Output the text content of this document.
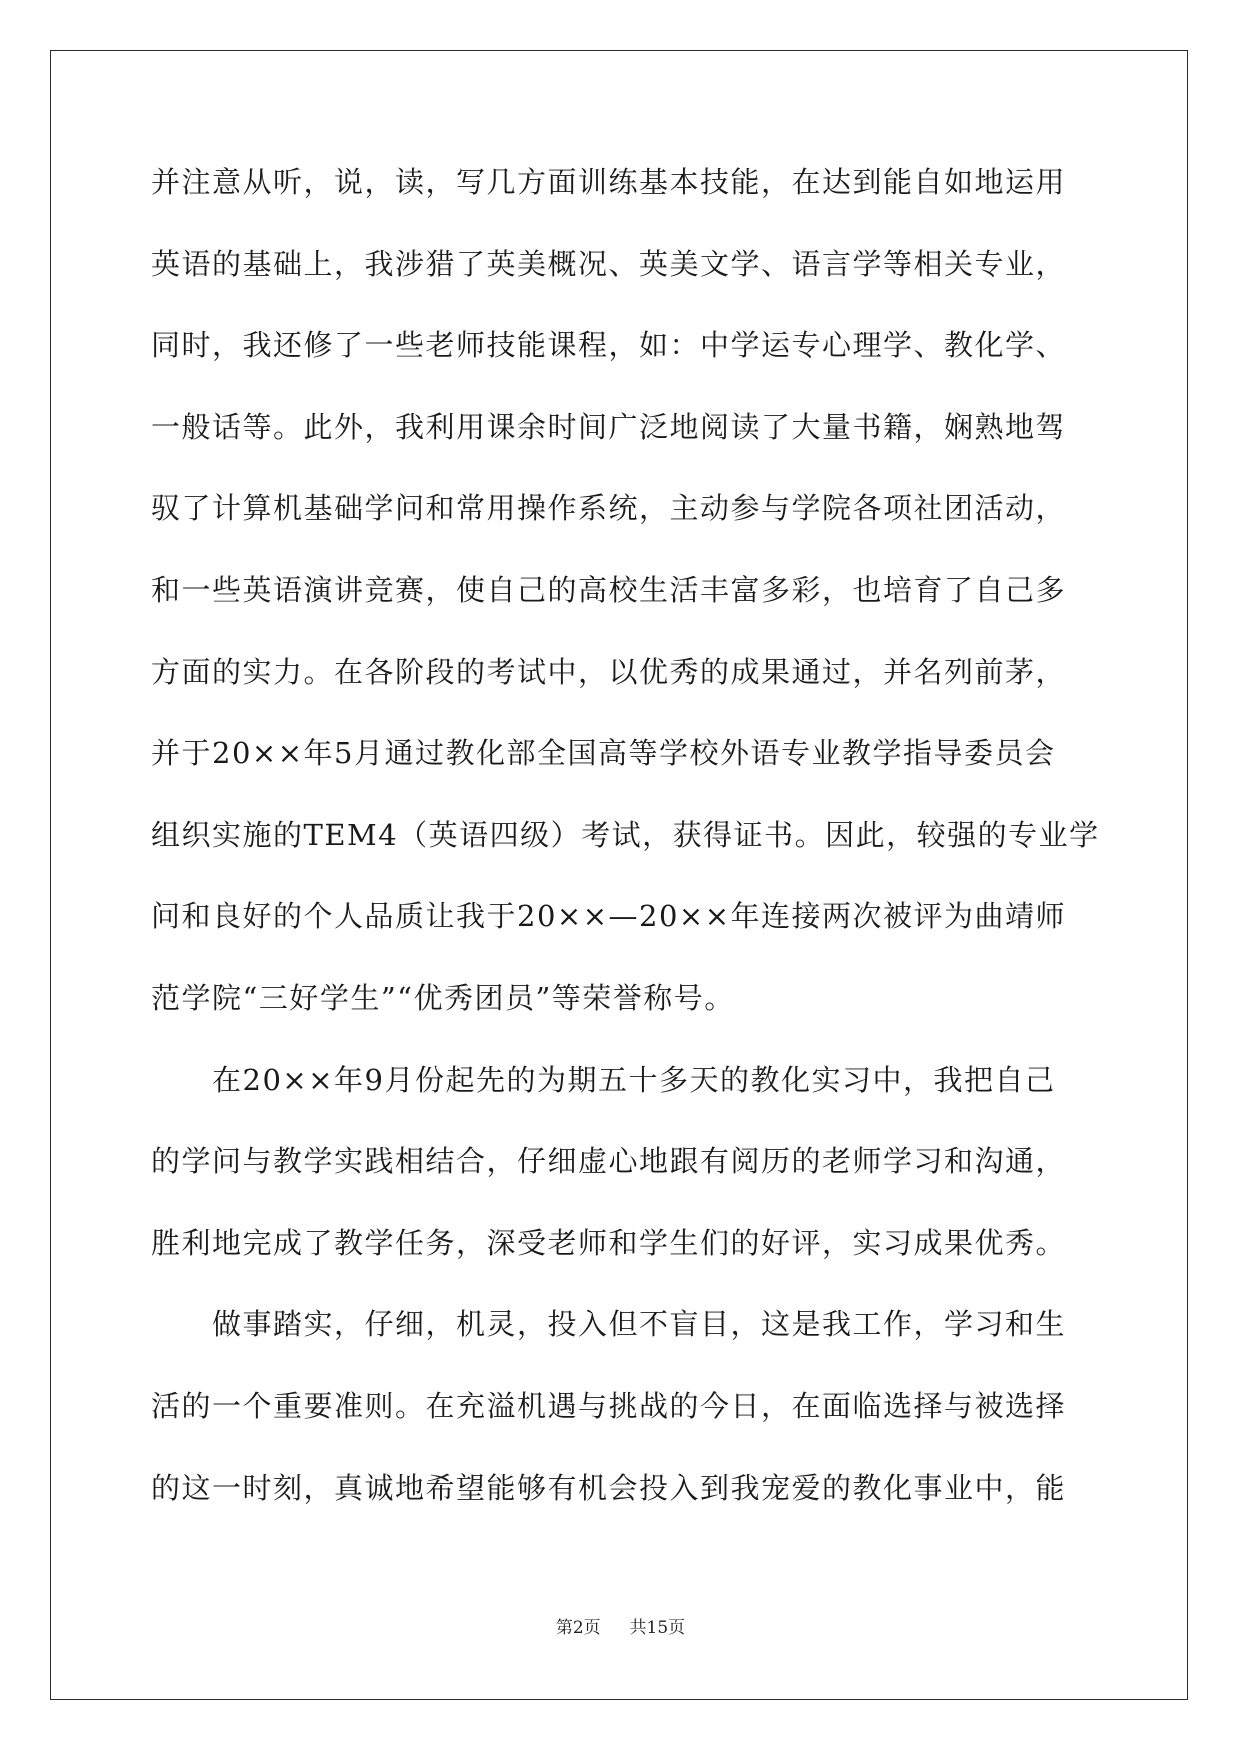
并注意从听，说，读，写几方面训练基本技能，在达到能自如地运用
英语的基础上，我涉猎了英美概况、英美文学、语言学等相关专业，
同时，我还修了一些老师技能课程，如：中学运专心理学、教化学、
一般话等。此外，我利用课余时间广泛地阅读了大量书籍，娴熟地驾
驭了计算机基础学问和常用操作系统，主动参与学院各项社团活动，
和一些英语演讲竞赛，使自己的高校生活丰富多彩，也培育了自己多
方面的实力。在各阶段的考试中，以优秀的成果通过，并名列前茅，
并于20××年5月通过教化部全国高等学校外语专业教学指导委员会
组织实施的TEM4（英语四级）考试，获得证书。因此，较强的专业学
问和良好的个人品质让我于20××—20××年连接两次被评为曲靖师
范学院“三好学生”“优秀团员”等荣誉称号。
　　在20××年9月份起先的为期五十多天的教化实习中，我把自己
的学问与教学实践相结合，仔细虚心地跟有阅历的老师学习和沟通，
胜利地完成了教学任务，深受老师和学生们的好评，实习成果优秀。
　　做事踏实，仔细，机灵，投入但不盲目，这是我工作，学习和生
活的一个重要准则。在充溢机遇与挑战的今日，在面临选择与被选择
的这一时刻，真诚地希望能够有机会投入到我宠爱的教化事业中，能
第2页 共15页
